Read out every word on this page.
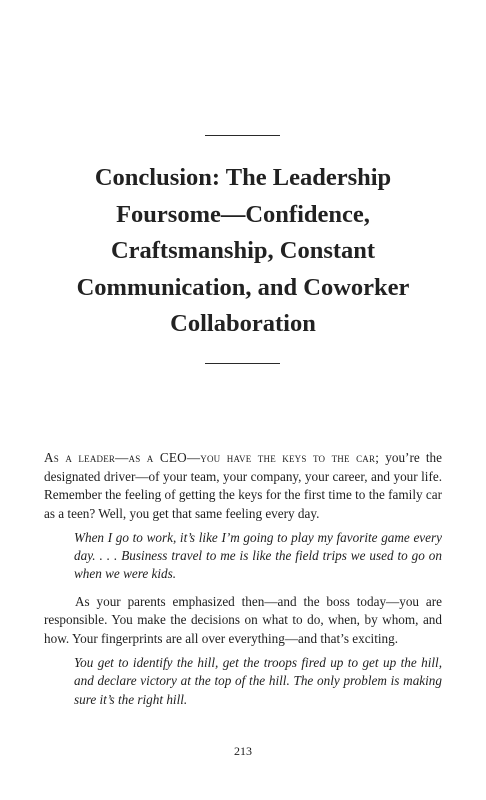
Conclusion: The Leadership
Foursome—Confidence,
Craftsmanship, Constant
Communication, and Coworker
Collaboration

As a leader—as a CEO—you have the keys to the car; you’re the designated driver—of your team, your company, your career, and your life. Remember the feeling of getting the keys for the first time to the family car as a teen? Well, you get that same feeling every day.

When I go to work, it’s like I’m going to play my favorite game every day. . . . Business travel to me is like the field trips we used to go on when we were kids.

As your parents emphasized then—and the boss today—you are responsible. You make the decisions on what to do, when, by whom, and how. Your fingerprints are all over everything—and that’s exciting.

You get to identify the hill, get the troops fired up to get up the hill, and declare victory at the top of the hill. The only problem is making sure it’s the right hill.

213
